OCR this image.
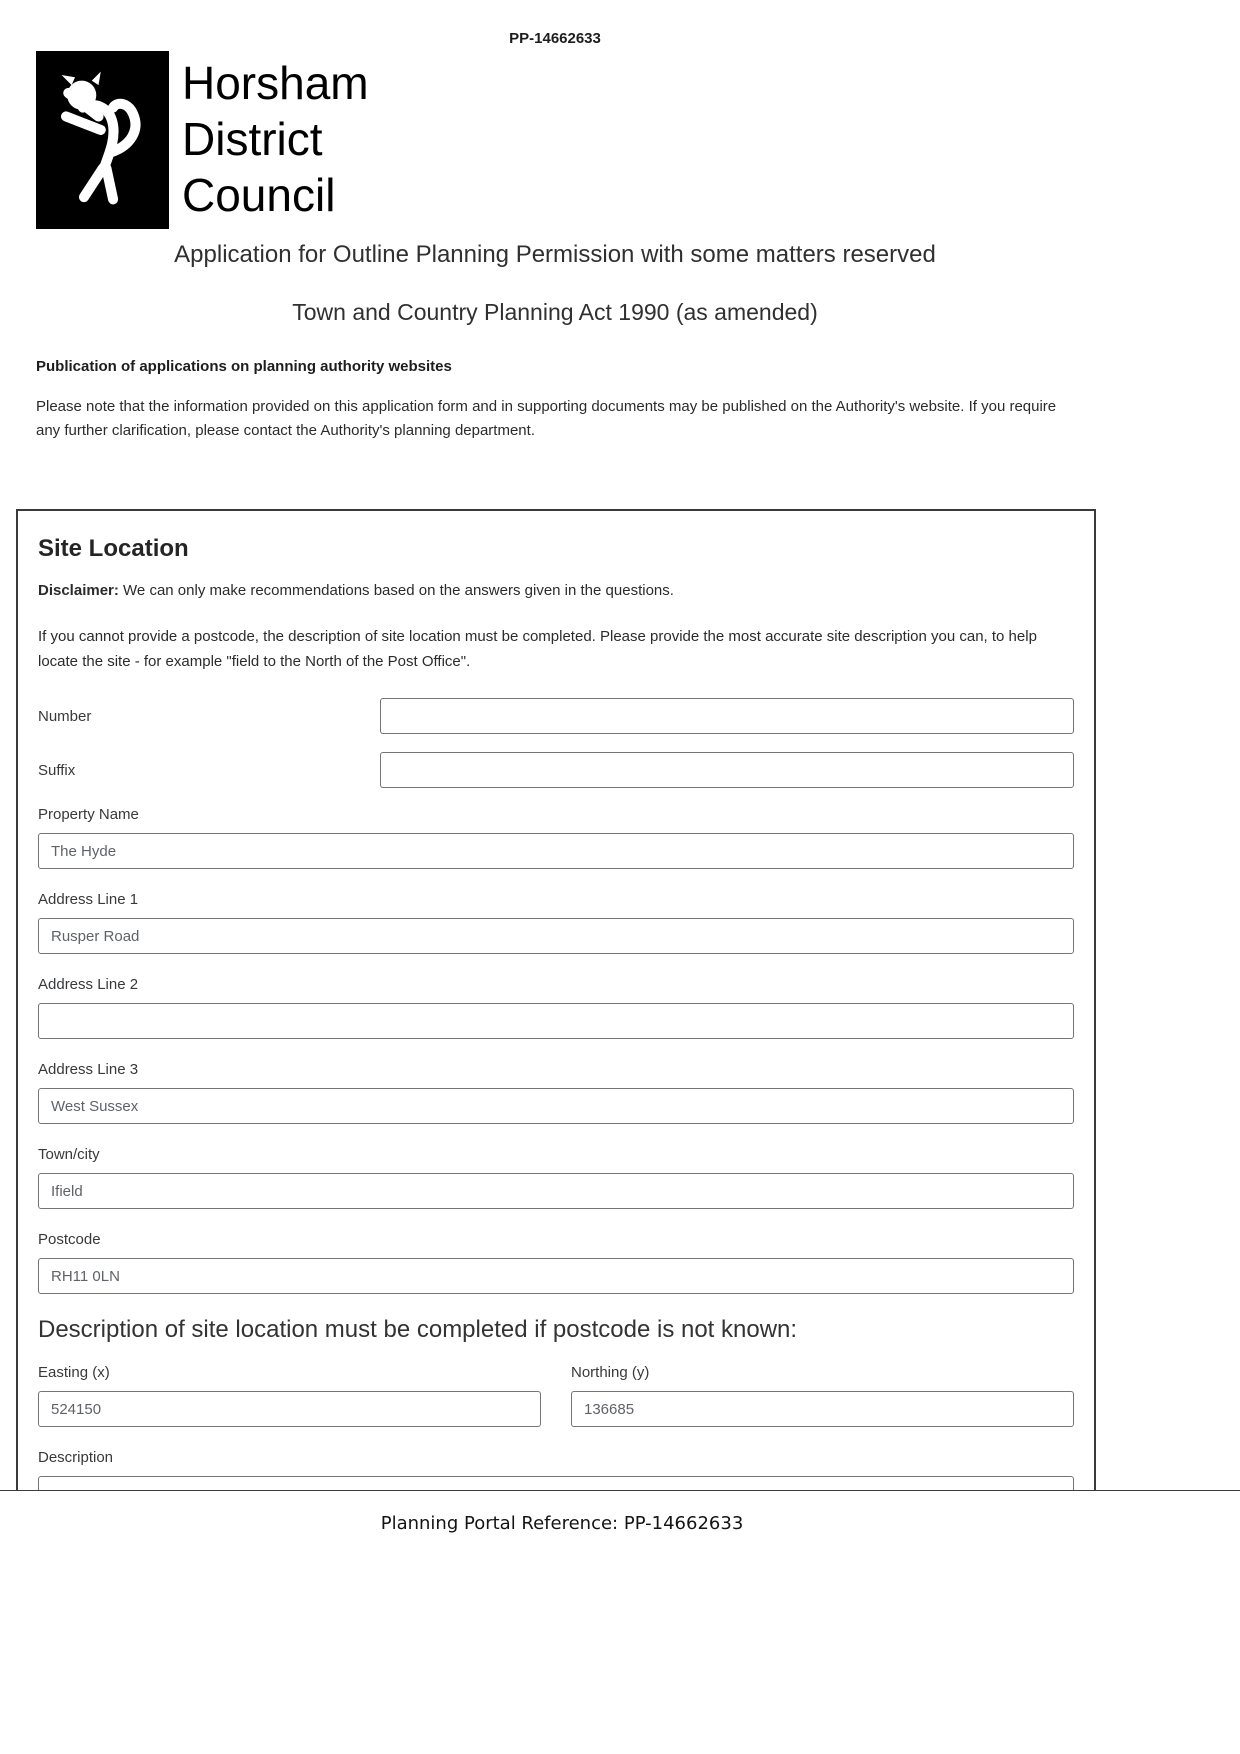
PP-14662633
Horsham
District
Council
Application for Outline Planning Permission with some matters reserved
Town and Country Planning Act 1990 (as amended)
Publication of applications on planning authority websites

Please note that the information provided on this application form and in supporting documents may be published on the Authority's website. If you require any further clarification, please contact the Authority's planning department.

Site Location

Disclaimer: We can only make recommendations based on the answers given in the questions.

If you cannot provide a postcode, the description of site location must be completed. Please provide the most accurate site description you can, to help locate the site - for example "field to the North of the Post Office".

Number
Suffix
Property Name
The Hyde
Address Line 1
Rusper Road
Address Line 2
Address Line 3
West Sussex
Town/city
Ifield
Postcode
RH11 0LN
Description of site location must be completed if postcode is not known:
Easting (x)
524150	Northing (y)
136685
Description
Planning Portal Reference: PP-14662633
